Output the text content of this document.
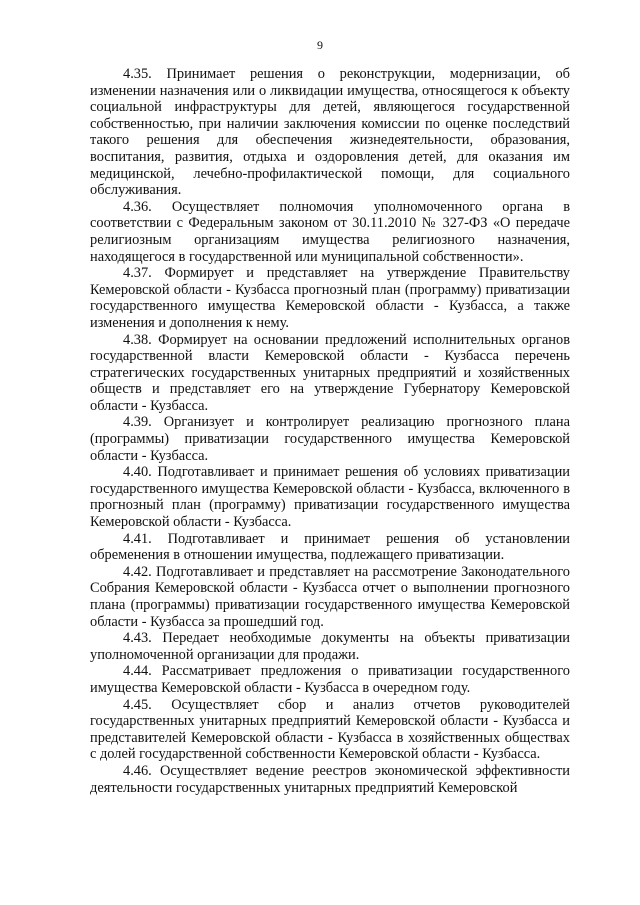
9

4.35. Принимает решения о реконструкции, модернизации, об изменении назначения или о ликвидации имущества, относящегося к объекту социальной инфраструктуры для детей, являющегося государственной собственностью, при наличии заключения комиссии по оценке последствий такого решения для обеспечения жизнедеятельности, образования, воспитания, развития, отдыха и оздоровления детей, для оказания им медицинской, лечебно-профилактической помощи, для социального обслуживания.

4.36. Осуществляет полномочия уполномоченного органа в соответствии с Федеральным законом от 30.11.2010 № 327-ФЗ «О передаче религиозным организациям имущества религиозного назначения, находящегося в государственной или муниципальной собственности».

4.37. Формирует и представляет на утверждение Правительству Кемеровской области - Кузбасса прогнозный план (программу) приватизации государственного имущества Кемеровской области - Кузбасса, а также изменения и дополнения к нему.

4.38. Формирует на основании предложений исполнительных органов государственной власти Кемеровской области - Кузбасса перечень стратегических государственных унитарных предприятий и хозяйственных обществ и представляет его на утверждение Губернатору Кемеровской области - Кузбасса.

4.39. Организует и контролирует реализацию прогнозного плана (программы) приватизации государственного имущества Кемеровской области - Кузбасса.

4.40. Подготавливает и принимает решения об условиях приватизации государственного имущества Кемеровской области - Кузбасса, включенного в прогнозный план (программу) приватизации государственного имущества Кемеровской области - Кузбасса.

4.41. Подготавливает и принимает решения об установлении обременения в отношении имущества, подлежащего приватизации.

4.42. Подготавливает и представляет на рассмотрение Законодательного Собрания Кемеровской области - Кузбасса отчет о выполнении прогнозного плана (программы) приватизации государственного имущества Кемеровской области - Кузбасса за прошедший год.

4.43. Передает необходимые документы на объекты приватизации уполномоченной организации для продажи.

4.44. Рассматривает предложения о приватизации государственного имущества Кемеровской области - Кузбасса в очередном году.

4.45. Осуществляет сбор и анализ отчетов руководителей государственных унитарных предприятий Кемеровской области - Кузбасса и представителей Кемеровской области - Кузбасса в хозяйственных обществах с долей государственной собственности Кемеровской области - Кузбасса.

4.46. Осуществляет ведение реестров экономической эффективности деятельности государственных унитарных предприятий Кемеровской
